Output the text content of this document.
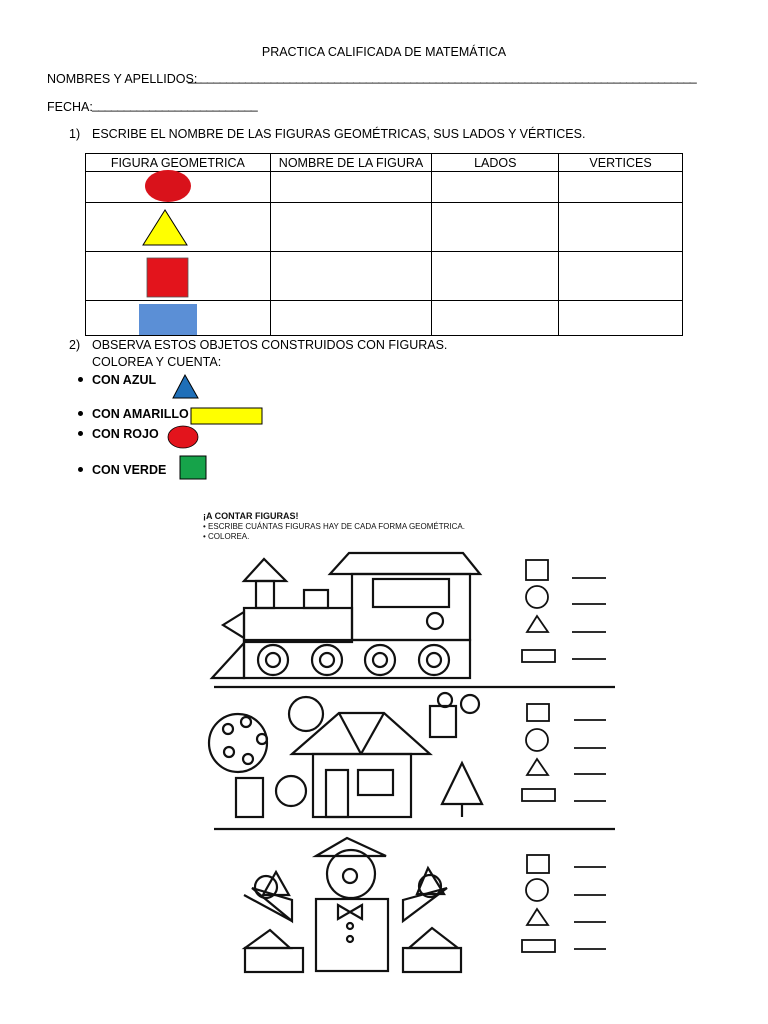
PRACTICA CALIFICADA DE MATEMÁTICA
NOMBRES Y APELLIDOS:
________________________________________________________________________________
FECHA: __________________________
1) ESCRIBE EL NOMBRE DE LAS FIGURAS GEOMÉTRICAS, SUS LADOS Y VÉRTICES.
FIGURA GEOMETRICA	NOMBRE DE LA FIGURA	LADOS	VERTICES

2) OBSERVA ESTOS OBJETOS CONSTRUIDOS CON FIGURAS.
COLOREA Y CUENTA:
CON AZUL
CON AMARILLO
CON ROJO
CON VERDE
¡A CONTAR FIGURAS!
• ESCRIBE CUÁNTAS FIGURAS HAY DE CADA FORMA GEOMÉTRICA.
• COLOREA.
